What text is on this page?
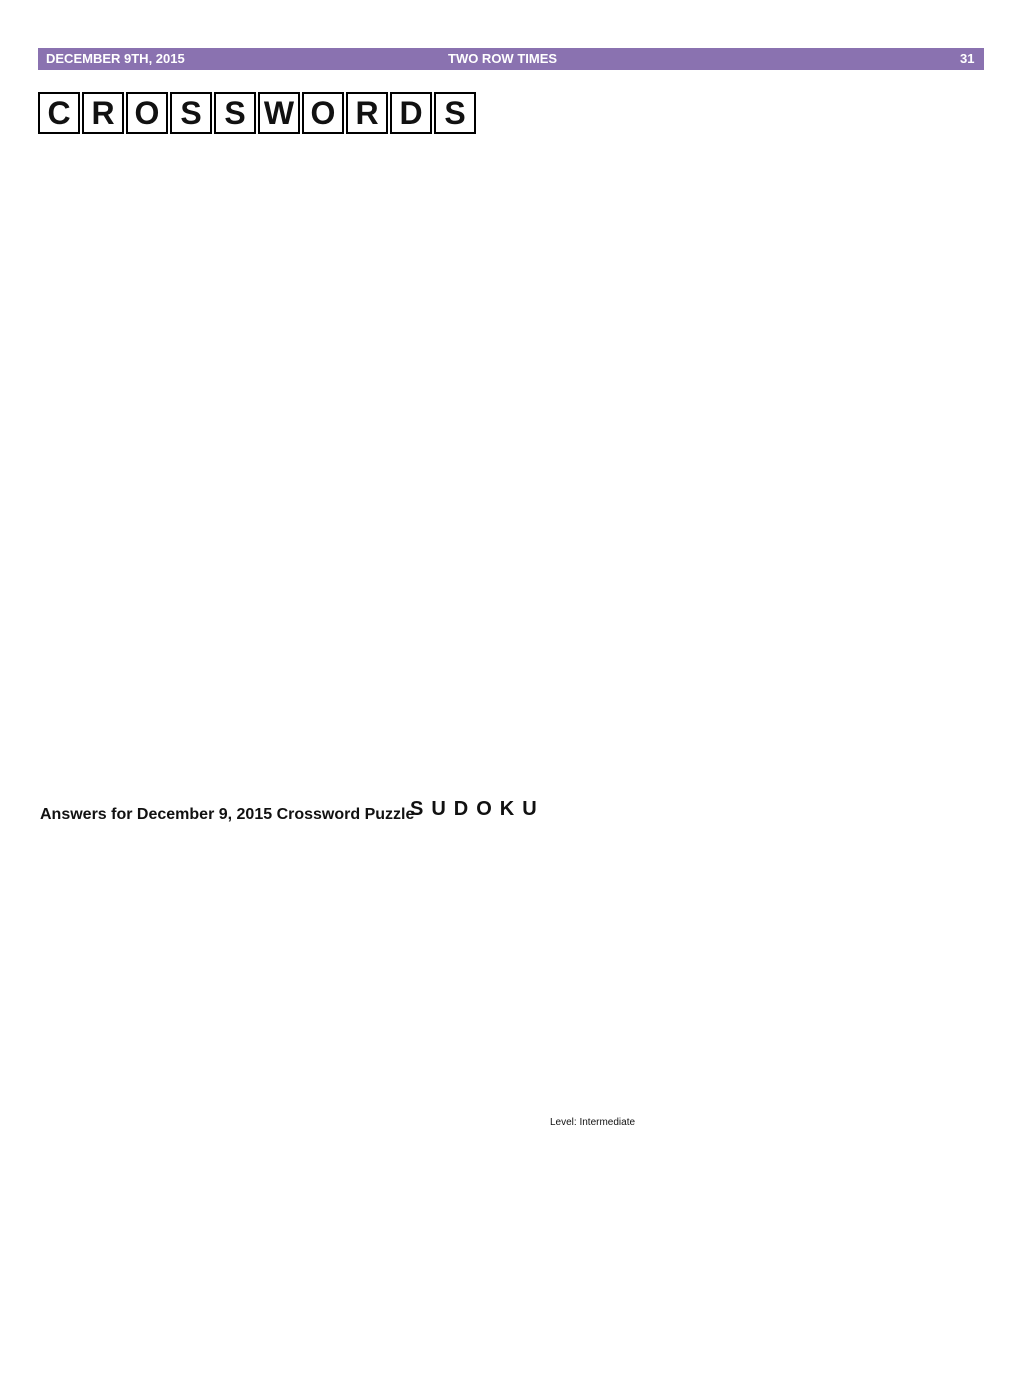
DECEMBER 9TH, 2015	TWO ROW TIMES	31
C R O S S W O R D S
Answers for December 9, 2015 Crossword Puzzle
SUDOKU
Level: Intermediate
